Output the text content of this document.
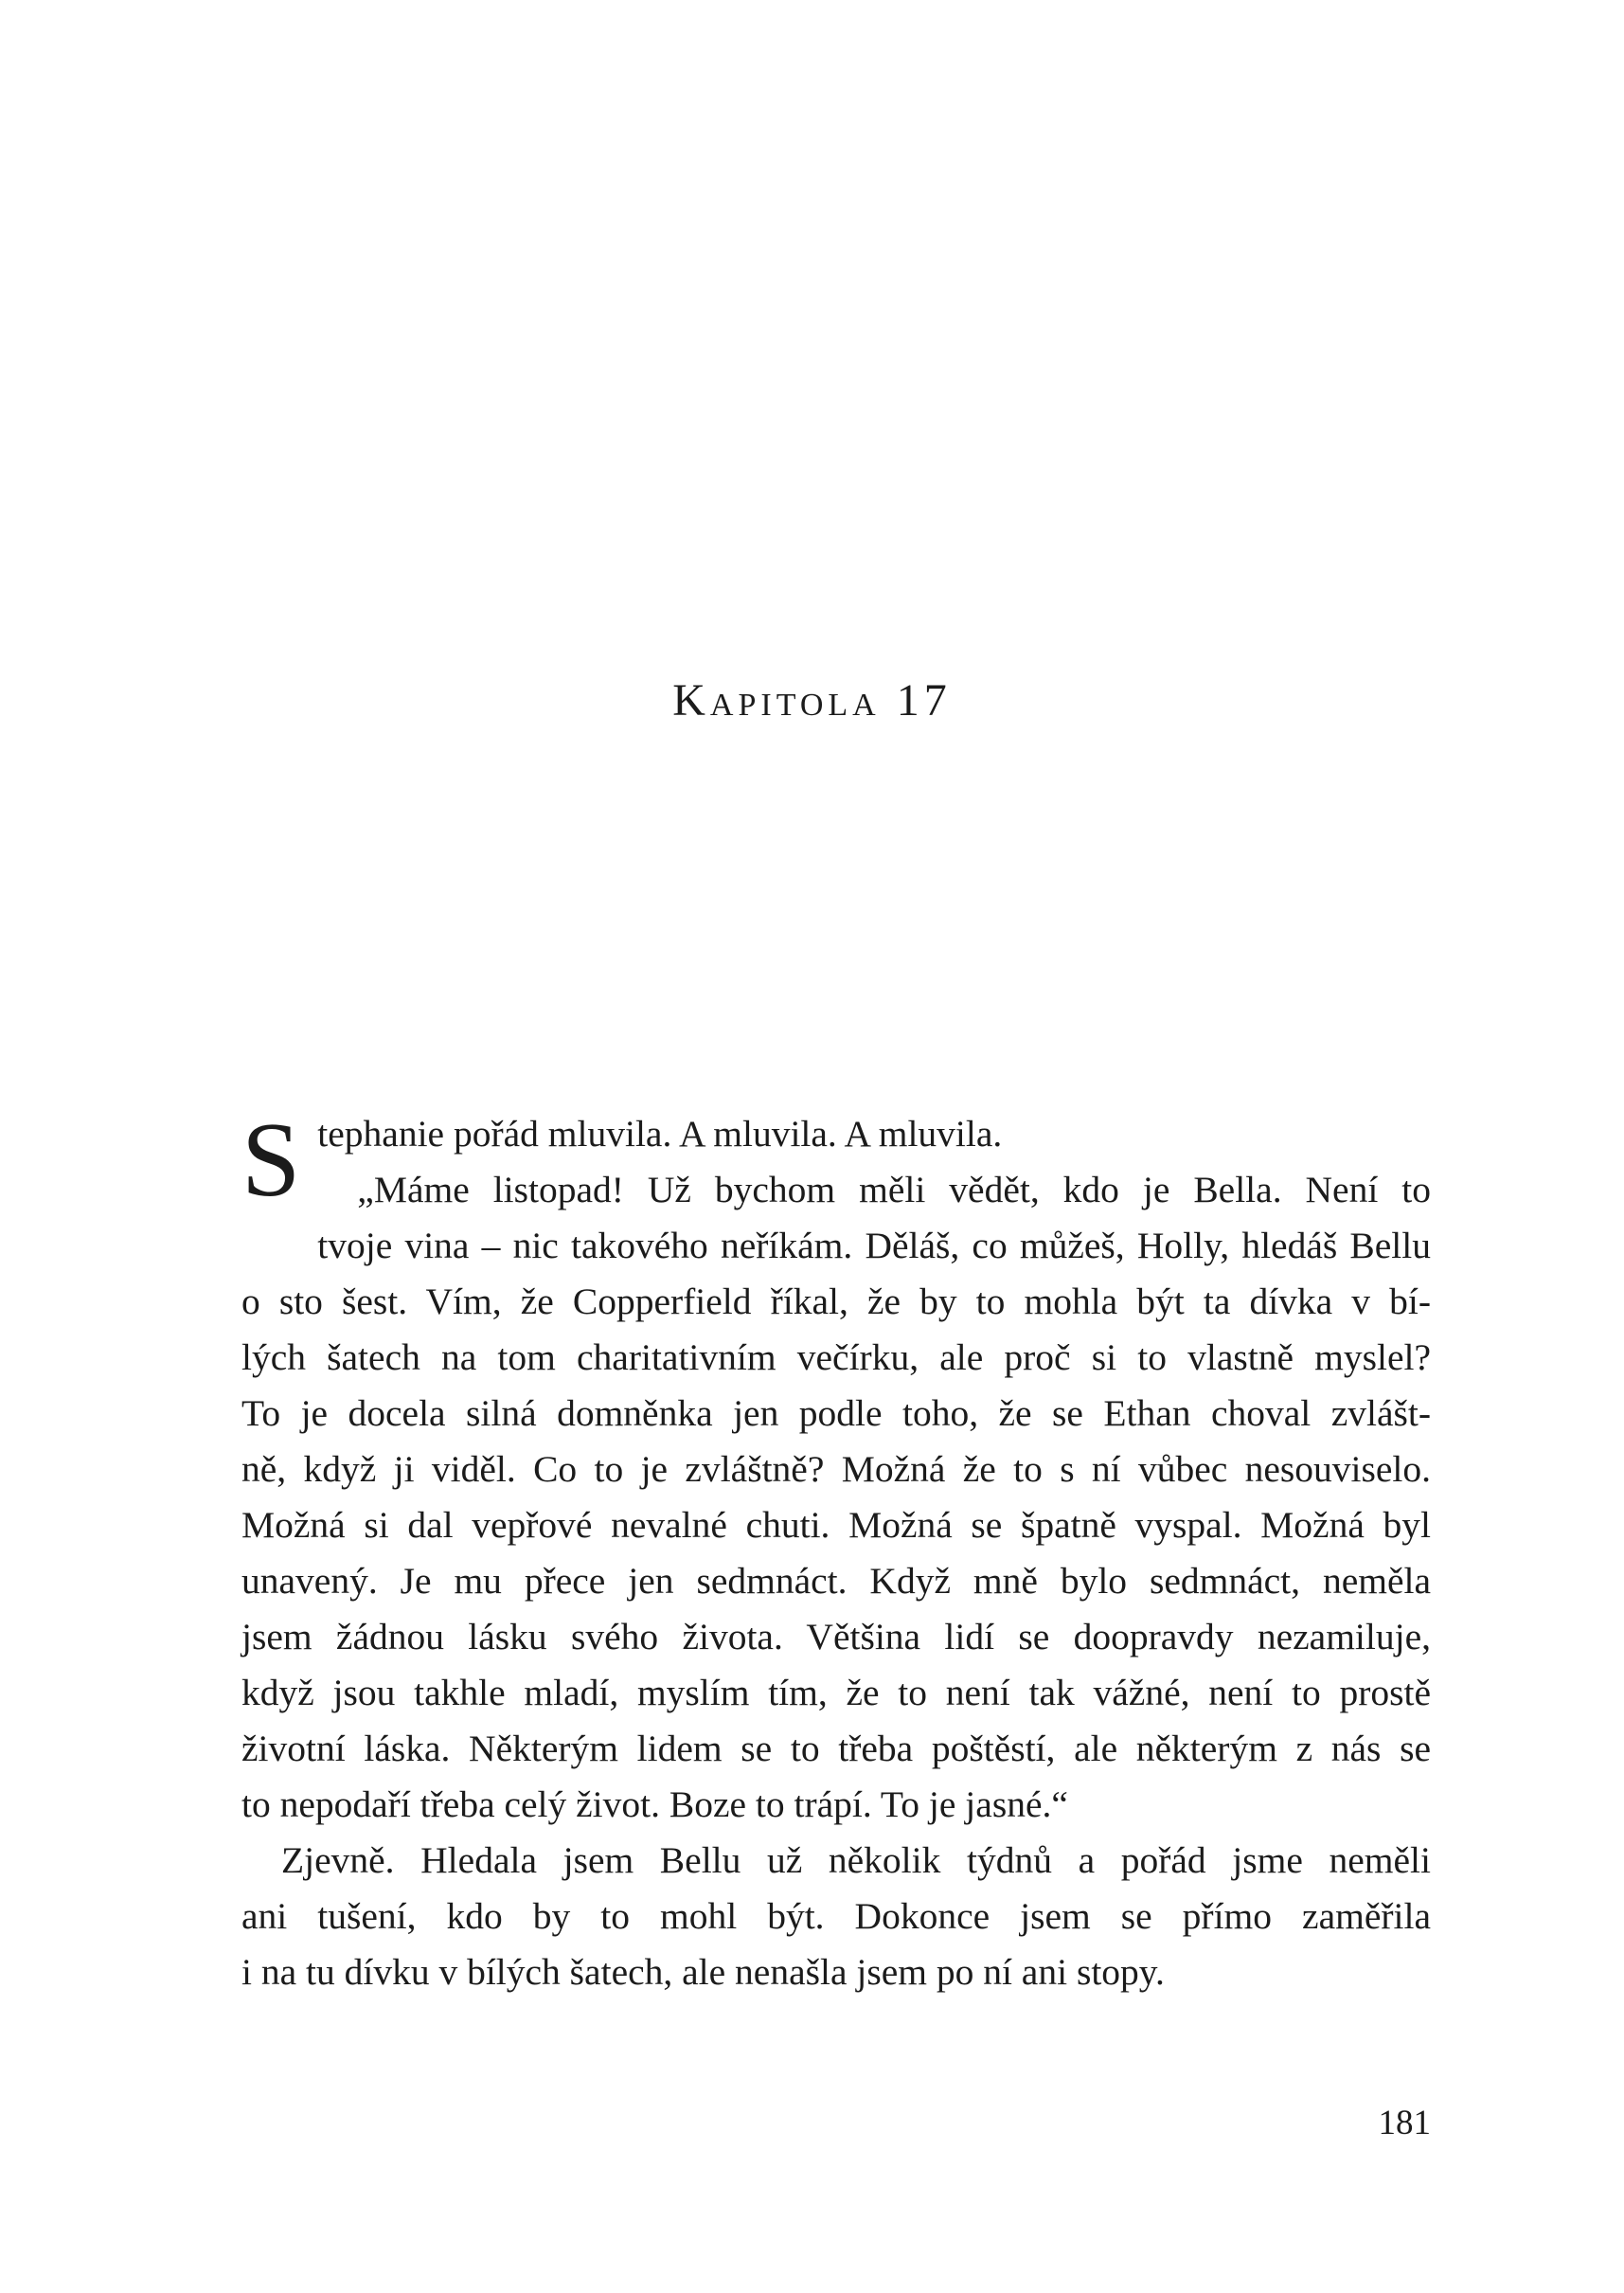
Kapitola 17
S tephanie pořád mluvila. A mluvila. A mluvila.
„Máme listopad! Už bychom měli vědět, kdo je Bella. Není to
tvoje vina – nic takového neříkám. Děláš, co můžeš, Holly, hledáš Bellu
o sto šest. Vím, že Copperfield říkal, že by to mohla být ta dívka v bí-
lých šatech na tom charitativním večírku, ale proč si to vlastně myslel?
To je docela silná domněnka jen podle toho, že se Ethan choval zvlášt-
ně, když ji viděl. Co to je zvláštně? Možná že to s ní vůbec nesouviselo.
Možná si dal vepřové nevalné chuti. Možná se špatně vyspal. Možná byl
unavený. Je mu přece jen sedmnáct. Když mně bylo sedmnáct, neměla
jsem žádnou lásku svého života. Většina lidí se doopravdy nezamiluje,
když jsou takhle mladí, myslím tím, že to není tak vážné, není to prostě
životní láska. Některým lidem se to třeba poštěstí, ale některým z nás se
to nepodaří třeba celý život. Boze to trápí. To je jasné.“
Zjevně. Hledala jsem Bellu už několik týdnů a pořád jsme neměli
ani tušení, kdo by to mohl být. Dokonce jsem se přímo zaměřila
i na tu dívku v bílých šatech, ale nenašla jsem po ní ani stopy.
181
